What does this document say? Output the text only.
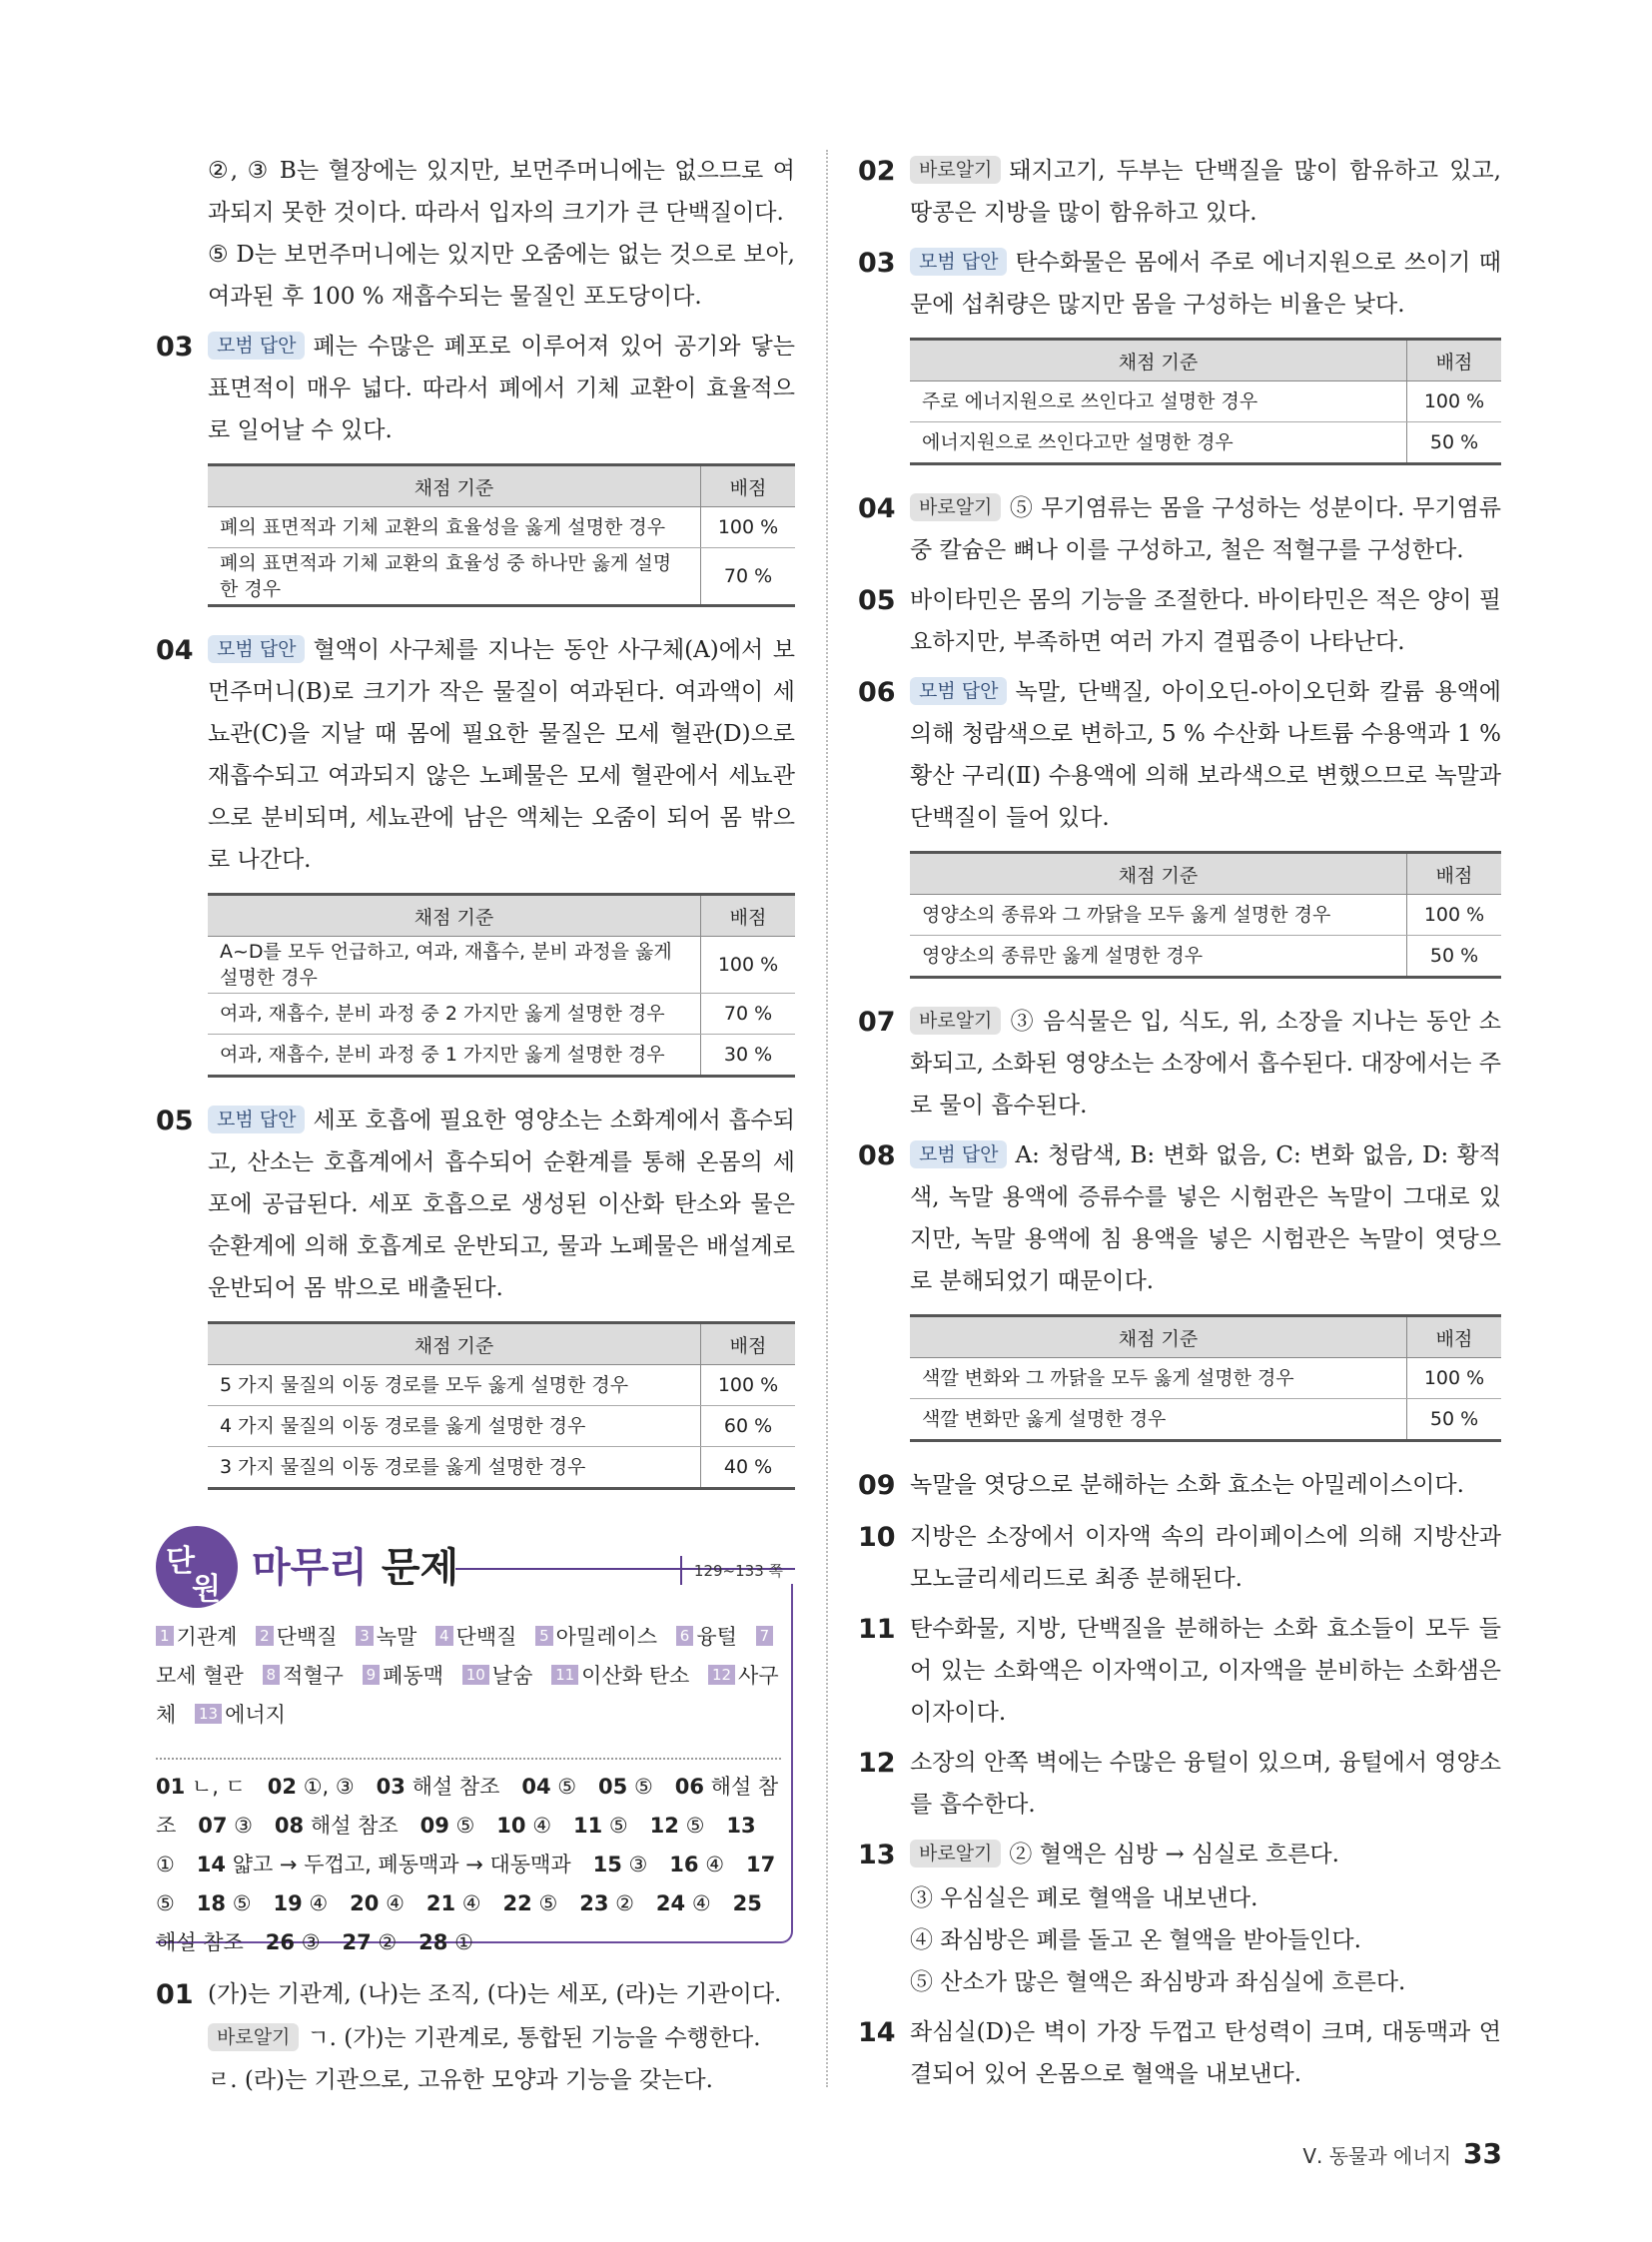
②, ③ B는 혈장에는 있지만, 보먼주머니에는 없으므로 여과되지 못한 것이다. 따라서 입자의 크기가 큰 단백질이다.
⑤ D는 보먼주머니에는 있지만 오줌에는 없는 것으로 보아, 여과된 후 100 % 재흡수되는 물질인 포도당이다.
03	모범 답안 폐는 수많은 폐포로 이루어져 있어 공기와 닿는 표면적이 매우 넓다. 따라서 폐에서 기체 교환이 효율적으로 일어날 수 있다.
채점 기준	배점
폐의 표면적과 기체 교환의 효율성을 옳게 설명한 경우	100 %
폐의 표면적과 기체 교환의 효율성 중 하나만 옳게 설명한 경우	70 %
04	모범 답안 혈액이 사구체를 지나는 동안 사구체(A)에서 보먼주머니(B)로 크기가 작은 물질이 여과된다. 여과액이 세뇨관(C)을 지날 때 몸에 필요한 물질은 모세 혈관(D)으로 재흡수되고 여과되지 않은 노폐물은 모세 혈관에서 세뇨관으로 분비되며, 세뇨관에 남은 액체는 오줌이 되어 몸 밖으로 나간다.
채점 기준	배점
A~D를 모두 언급하고, 여과, 재흡수, 분비 과정을 옳게 설명한 경우	100 %
여과, 재흡수, 분비 과정 중 2 가지만 옳게 설명한 경우	70 %
여과, 재흡수, 분비 과정 중 1 가지만 옳게 설명한 경우	30 %
05	모범 답안 세포 호흡에 필요한 영양소는 소화계에서 흡수되고, 산소는 호흡계에서 흡수되어 순환계를 통해 온몸의 세포에 공급된다. 세포 호흡으로 생성된 이산화 탄소와 물은 순환계에 의해 호흡계로 운반되고, 물과 노폐물은 배설계로 운반되어 몸 밖으로 배출된다.
채점 기준	배점
5 가지 물질의 이동 경로를 모두 옳게 설명한 경우	100 %
4 가지 물질의 이동 경로를 옳게 설명한 경우	60 %
3 가지 물질의 이동 경로를 옳게 설명한 경우	40 %
단
원 마무리 문제	129~133 쪽
1 기관계 2 단백질 3 녹말 4 단백질 5 아밀레이스 6 융털 7모세 혈관 8 적혈구 9 폐동맥 10 날숨 11 이산화 탄소 12 사구체 13 에너지
01 ㄴ, ㄷ 02 ①, ③ 03 해설 참조 04 ⑤ 05 ⑤ 06 해설 참조 07 ③ 08 해설 참조 09 ⑤ 10 ④ 11 ⑤ 12 ⑤ 13 ① 14 얇고 → 두껍고, 폐동맥과 → 대동맥과 15 ③ 16 ④ 17 ⑤ 18 ⑤ 19 ④ 20 ④ 21 ④ 22 ⑤ 23 ② 24 ④ 25 해설 참조 26 ③ 27 ② 28 ①
01 (가)는 기관계, (나)는 조직, (다)는 세포, (라)는 기관이다.
바로알기 ㄱ. (가)는 기관계로, 통합된 기능을 수행한다.
ㄹ. (라)는 기관으로, 고유한 모양과 기능을 갖는다.
02	바로알기 돼지고기, 두부는 단백질을 많이 함유하고 있고, 땅콩은 지방을 많이 함유하고 있다.
03	모범 답안 탄수화물은 몸에서 주로 에너지원으로 쓰이기 때문에 섭취량은 많지만 몸을 구성하는 비율은 낮다.
채점 기준	배점
주로 에너지원으로 쓰인다고 설명한 경우	100 %
에너지원으로 쓰인다고만 설명한 경우	50 %
04	바로알기 ⑤ 무기염류는 몸을 구성하는 성분이다. 무기염류 중 칼슘은 뼈나 이를 구성하고, 철은 적혈구를 구성한다.
05 바이타민은 몸의 기능을 조절한다. 바이타민은 적은 양이 필요하지만, 부족하면 여러 가지 결핍증이 나타난다.
06	모범 답안 녹말, 단백질, 아이오딘-아이오딘화 칼륨 용액에 의해 청람색으로 변하고, 5 % 수산화 나트륨 수용액과 1 % 황산 구리(Ⅱ) 수용액에 의해 보라색으로 변했으므로 녹말과 단백질이 들어 있다.
채점 기준	배점
영양소의 종류와 그 까닭을 모두 옳게 설명한 경우	100 %
영양소의 종류만 옳게 설명한 경우	50 %
07	바로알기 ③ 음식물은 입, 식도, 위, 소장을 지나는 동안 소화되고, 소화된 영양소는 소장에서 흡수된다. 대장에서는 주로 물이 흡수된다.
08	모범 답안 A: 청람색, B: 변화 없음, C: 변화 없음, D: 황적색, 녹말 용액에 증류수를 넣은 시험관은 녹말이 그대로 있지만, 녹말 용액에 침 용액을 넣은 시험관은 녹말이 엿당으로 분해되었기 때문이다.
채점 기준	배점
색깔 변화와 그 까닭을 모두 옳게 설명한 경우	100 %
색깔 변화만 옳게 설명한 경우	50 %
09 녹말을 엿당으로 분해하는 소화 효소는 아밀레이스이다.
10 지방은 소장에서 이자액 속의 라이페이스에 의해 지방산과 모노글리세리드로 최종 분해된다.
11 탄수화물, 지방, 단백질을 분해하는 소화 효소들이 모두 들어 있는 소화액은 이자액이고, 이자액을 분비하는 소화샘은 이자이다.
12 소장의 안쪽 벽에는 수많은 융털이 있으며, 융털에서 영양소를 흡수한다.
13	바로알기 ② 혈액은 심방 → 심실로 흐른다.
③ 우심실은 폐로 혈액을 내보낸다.
④ 좌심방은 폐를 돌고 온 혈액을 받아들인다.
⑤ 산소가 많은 혈액은 좌심방과 좌심실에 흐른다.
14 좌심실(D)은 벽이 가장 두껍고 탄성력이 크며, 대동맥과 연결되어 있어 온몸으로 혈액을 내보낸다.
Ⅴ. 동물과 에너지 33
